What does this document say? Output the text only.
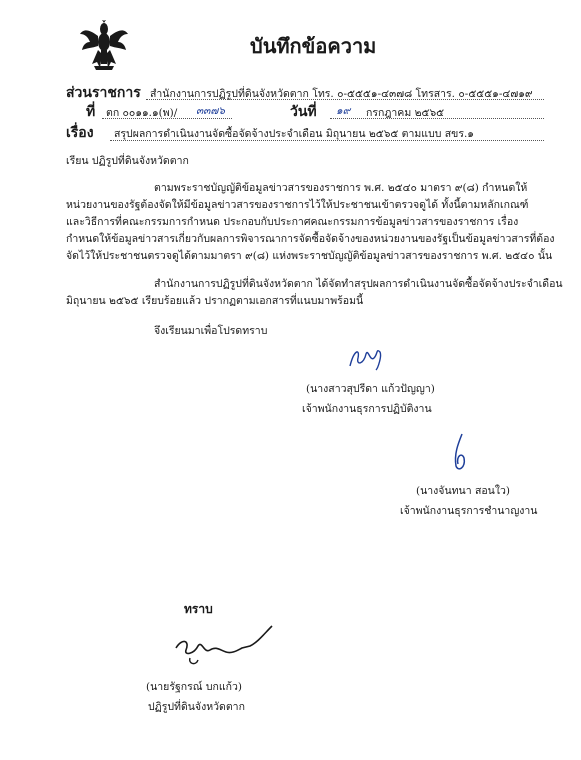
บันทึกข้อความ
ส่วนราชการ สำนักงานการปฏิรูปที่ดินจังหวัดตาก โทร. ๐-๕๕๕๑-๔๓๗๘ โทรสาร. ๐-๕๕๕๑-๔๗๑๙
ที่ ตก ๐๐๑๑.๑(พ)/ ๓๓๗๖	วันที่ ๑๙ กรกฎาคม ๒๕๖๕
เรื่อง สรุปผลการดำเนินงานจัดซื้อจัดจ้างประจำเดือน มิถุนายน ๒๕๖๕ ตามแบบ สขร.๑
เรียน ปฏิรูปที่ดินจังหวัดตาก
ตามพระราชบัญญัติข้อมูลข่าวสารของราชการ พ.ศ. ๒๕๔๐ มาตรา ๙(๘) กำหนดให้
หน่วยงานของรัฐต้องจัดให้มีข้อมูลข่าวสารของราชการไว้ให้ประชาชนเข้าตรวจดูได้ ทั้งนี้ตามหลักเกณฑ์
และวิธีการที่คณะกรรมการกำหนด ประกอบกับประกาศคณะกรรมการข้อมูลข่าวสารของราชการ เรื่อง
กำหนดให้ข้อมูลข่าวสารเกี่ยวกับผลการพิจารณาการจัดซื้อจัดจ้างของหน่วยงานของรัฐเป็นข้อมูลข่าวสารที่ต้อง
จัดไว้ให้ประชาชนตรวจดูได้ตามมาตรา ๙(๘) แห่งพระราชบัญญัติข้อมูลข่าวสารของราชการ พ.ศ. ๒๕๔๐ นั้น
สำนักงานการปฏิรูปที่ดินจังหวัดตาก ได้จัดทำสรุปผลการดำเนินงานจัดซื้อจัดจ้างประจำเดือน
มิถุนายน ๒๕๖๕ เรียบร้อยแล้ว ปรากฏตามเอกสารที่แนบมาพร้อมนี้
จึงเรียนมาเพื่อโปรดทราบ
(นางสาวสุปรีดา แก้วปัญญา)
เจ้าพนักงานธุรการปฏิบัติงาน
(นางจันทนา สอนใว)
เจ้าพนักงานธุรการชำนาญงาน
ทราบ
(นายรัฐกรณ์ บกแก้ว)
ปฏิรูปที่ดินจังหวัดตาก
